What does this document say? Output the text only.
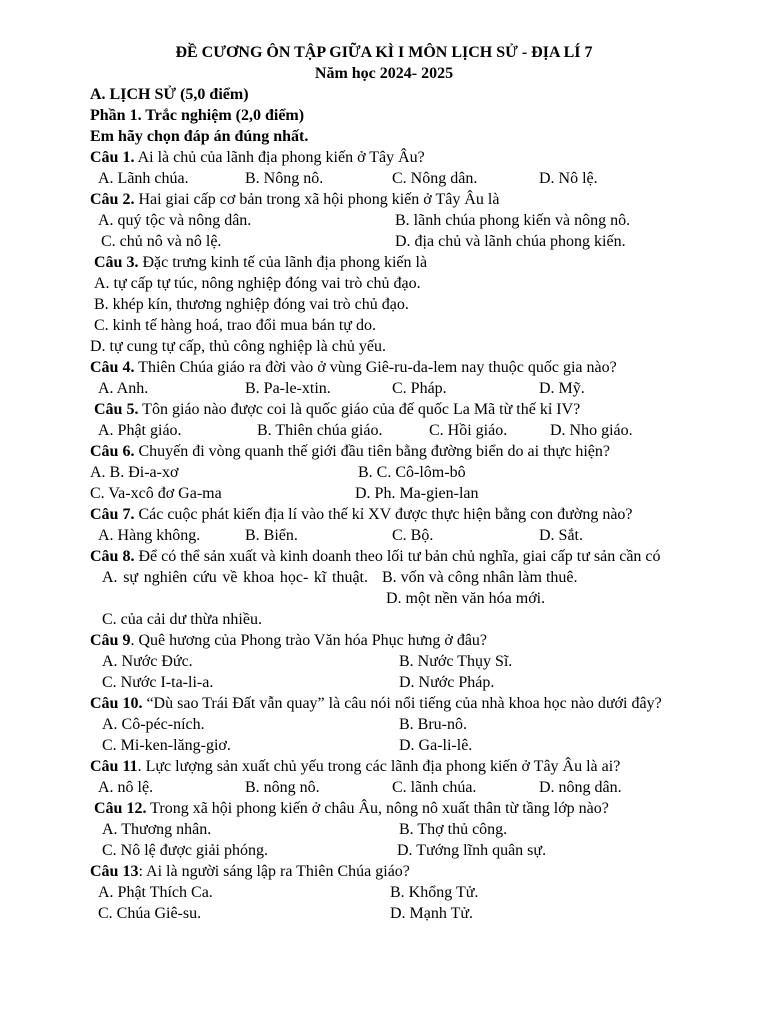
ĐỀ CƯƠNG ÔN TẬP GIỮA KÌ I MÔN LỊCH SỬ - ĐỊA LÍ 7
Năm học 2024- 2025
A. LỊCH SỬ (5,0 điểm)
Phần 1. Trắc nghiệm (2,0 điểm)
Em hãy chọn đáp án đúng nhất.
Câu 1. Ai là chủ của lãnh địa phong kiến ở Tây Âu?
A. Lãnh chúa.	B. Nông nô.	C. Nông dân.	D. Nô lệ.
Câu 2. Hai giai cấp cơ bản trong xã hội phong kiến ở Tây Âu là
A. quý tộc và nông dân.	B. lãnh chúa phong kiến và nông nô.
C. chủ nô và nô lệ.	D. địa chủ và lãnh chúa phong kiến.
Câu 3. Đặc trưng kinh tế của lãnh địa phong kiến là
A. tự cấp tự túc, nông nghiệp đóng vai trò chủ đạo.
B. khép kín, thương nghiệp đóng vai trò chủ đạo.
C. kinh tế hàng hoá, trao đổi mua bán tự do.
D. tự cung tự cấp, thủ công nghiệp là chủ yếu.
Câu 4. Thiên Chúa giáo ra đời vào ở vùng Giê-ru-da-lem nay thuộc quốc gia nào?
A. Anh.	B. Pa-le-xtin.	C. Pháp.	D. Mỹ.
Câu 5. Tôn giáo nào được coi là quốc giáo của đế quốc La Mã từ thế kỉ IV?
A. Phật giáo.	B. Thiên chúa giáo.	C. Hồi giáo.	D. Nho giáo.
Câu 6. Chuyến đi vòng quanh thế giới đầu tiên bằng đường biển do ai thực hiện?
A. B. Đi-a-xơ	B. C. Cô-lôm-bô
C. Va-xcô đơ Ga-ma	D. Ph. Ma-gien-lan
Câu 7. Các cuộc phát kiến địa lí vào thế kỉ XV được thực hiện bằng con đường nào?
A. Hàng không.	B. Biển.	C. Bộ.	D. Sắt.
Câu 8. Để có thể sản xuất và kinh doanh theo lối tư bản chủ nghĩa, giai cấp tư sản cần có
A. sự nghiên cứu về khoa học- kĩ thuật. B. vốn và công nhân làm thuê.
D. một nền văn hóa mới.
C. của cải dư thừa nhiều.
Câu 9. Quê hương của Phong trào Văn hóa Phục hưng ở đâu?
A. Nước Đức.	B. Nước Thụy Sĩ.
C. Nước I-ta-li-a.	D. Nước Pháp.
Câu 10. “Dù sao Trái Đất vẫn quay” là câu nói nổi tiếng của nhà khoa học nào dưới đây?
A. Cô-péc-ních.	B. Bru-nô.
C. Mi-ken-lăng-giơ.	D. Ga-li-lê.
Câu 11. Lực lượng sản xuất chủ yếu trong các lãnh địa phong kiến ở Tây Âu là ai?
A. nô lệ.	B. nông nô.	C. lãnh chúa.	D. nông dân.
Câu 12. Trong xã hội phong kiến ở châu Âu, nông nô xuất thân từ tầng lớp nào?
A. Thương nhân.	B. Thợ thủ công.
C. Nô lệ được giải phóng.	D. Tướng lĩnh quân sự.
Câu 13: Ai là người sáng lập ra Thiên Chúa giáo?
A. Phật Thích Ca.	B. Khổng Tử.
C. Chúa Giê-su.	D. Mạnh Tử.
